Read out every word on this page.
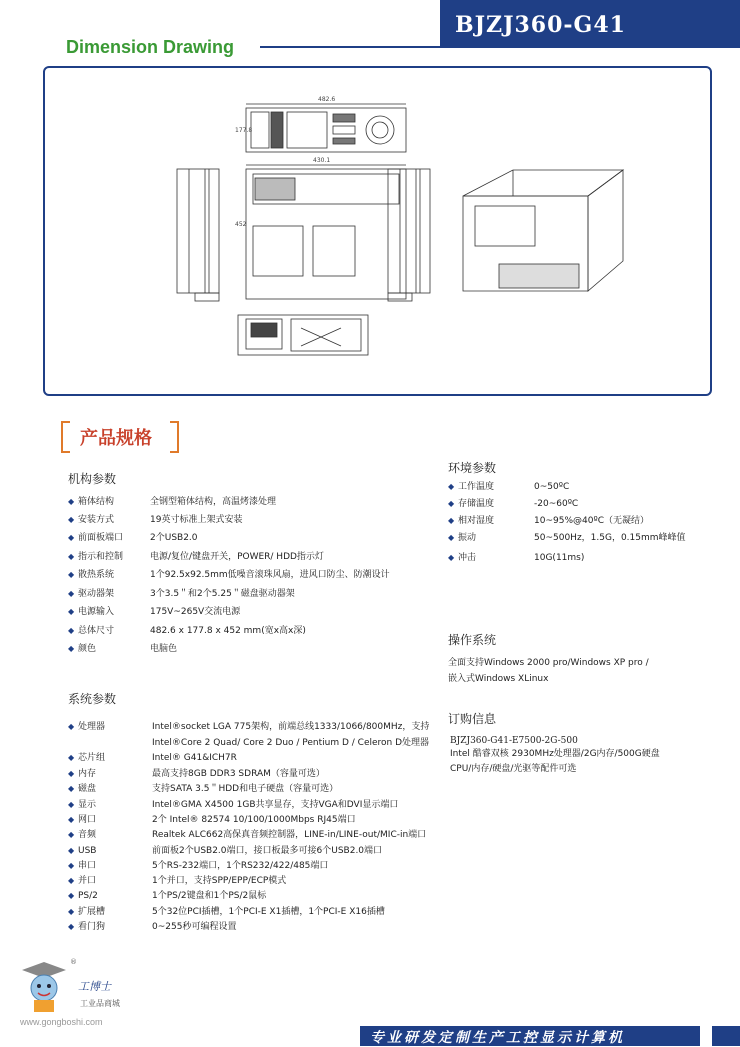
BJZJ360-G41
Dimension Drawing
482.6
430.1
452
177.8
产品规格
机构参数
◆ 箱体结构	全钢型箱体结构，高温烤漆处理
◆ 安装方式	19英寸标准上架式安装
◆ 前面板端口	2个USB2.0
◆ 指示和控制	电源/复位/键盘开关，POWER/ HDD指示灯
◆ 散热系统	1个92.5x92.5mm低噪音滚珠风扇，进风口防尘、防潮设计
◆ 驱动器架	3个3.5＂和2个5.25＂磁盘驱动器架
◆ 电源输入	175V~265V交流电源
◆ 总体尺寸	482.6 x 177.8 x 452 mm(宽x高x深)
◆ 颜色	电脑色
系统参数
◆ 处理器	Intel®socket LGA 775架构，前端总线1333/1066/800MHz，支持
Intel®Core 2 Quad/ Core 2 Duo / Pentium D / Celeron D处理器
◆ 芯片组	Intel® G41&ICH7R
◆ 内存	最高支持8GB DDR3 SDRAM（容量可选）
◆ 磁盘	支持SATA 3.5＂HDD和电子硬盘（容量可选）
◆ 显示	Intel®GMA X4500 1GB共享显存，支持VGA和DVI显示端口
◆ 网口	2个 Intel® 82574 10/100/1000Mbps RJ45端口
◆ 音频	Realtek ALC662高保真音频控制器，LINE-in/LINE-out/MIC-in端口
◆ USB	前面板2个USB2.0端口，接口板最多可接6个USB2.0端口
◆ 串口	5个RS-232端口，1个RS232/422/485端口
◆ 并口	1个并口，支持SPP/EPP/ECP模式
◆ PS/2	1个PS/2键盘和1个PS/2鼠标
◆ 扩展槽	5个32位PCI插槽，1个PCI-E X1插槽，1个PCI-E X16插槽
◆ 看门狗	0~255秒可编程设置
环境参数
◆ 工作温度	0~50ºC
◆ 存储温度	-20~60ºC
◆ 相对湿度	10~95%@40ºC（无凝结）
◆ 振动	50~500Hz，1.5G，0.15mm峰峰值
◆ 冲击	10G(11ms)
操作系统
全面支持Windows 2000 pro/Windows XP pro /
嵌入式Windows XLinux
订购信息
BJZJ360-G41-E7500-2G-500
Intel 酷睿双核 2930MHz处理器/2G内存/500G硬盘
CPU/内存/硬盘/光驱等配件可选
®
工博士
工业品商城
www.gongboshi.com
专业研发定制生产工控显示计算机
